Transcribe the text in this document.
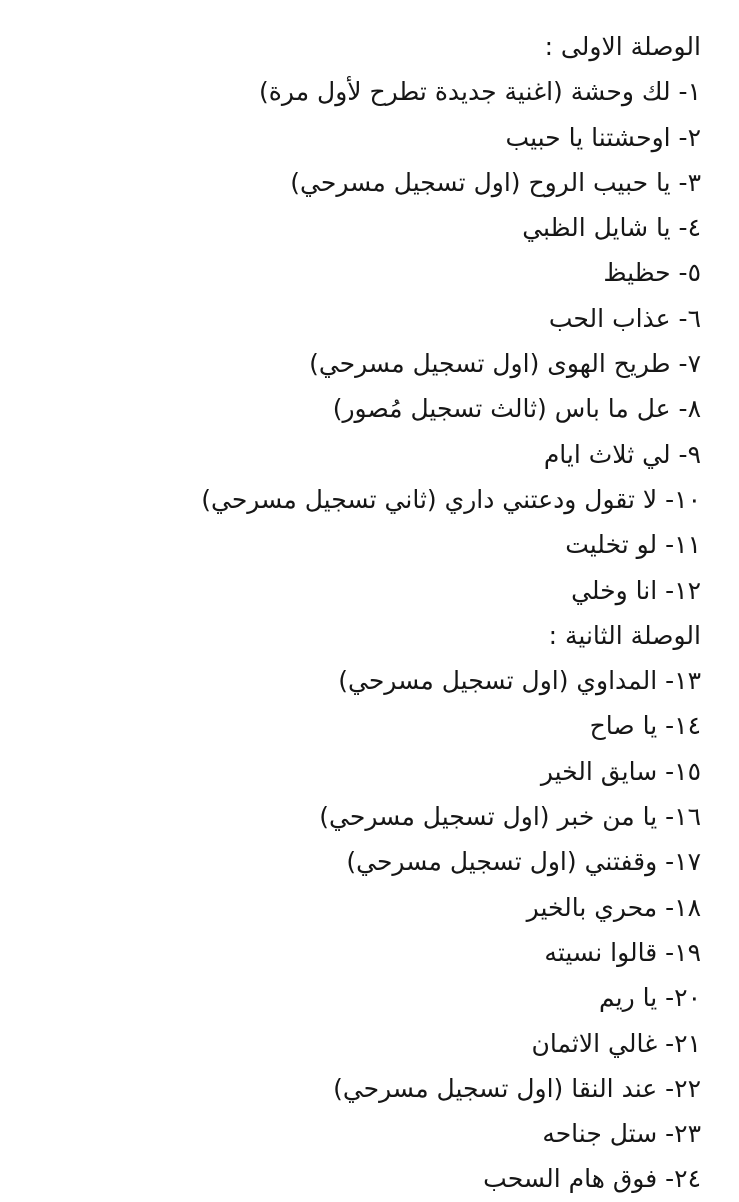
الوصلة الاولى :
١- لك وحشة (اغنية جديدة تطرح لأول مرة)
٢- اوحشتنا يا حبيب
٣- يا حبيب الروح (اول تسجيل مسرحي)
٤- يا شايل الظبي
٥- حظيظ
٦- عذاب الحب
٧- طريح الهوى (اول تسجيل مسرحي)
٨- عل ما باس (ثالث تسجيل مُصور)
٩- لي ثلاث ايام
١٠- لا تقول ودعتني داري (ثاني تسجيل مسرحي)
١١- لو تخليت
١٢- انا وخلي
الوصلة الثانية :
١٣- المداوي (اول تسجيل مسرحي)
١٤- يا صاح
١٥- سايق الخير
١٦- يا من خبر (اول تسجيل مسرحي)
١٧- وقفتني (اول تسجيل مسرحي)
١٨- محري بالخير
١٩- قالوا نسيته
٢٠- يا ريم
٢١- غالي الاثمان
٢٢- عند النقا (اول تسجيل مسرحي)
٢٣- ستل جناحه
٢٤- فوق هام السحب
